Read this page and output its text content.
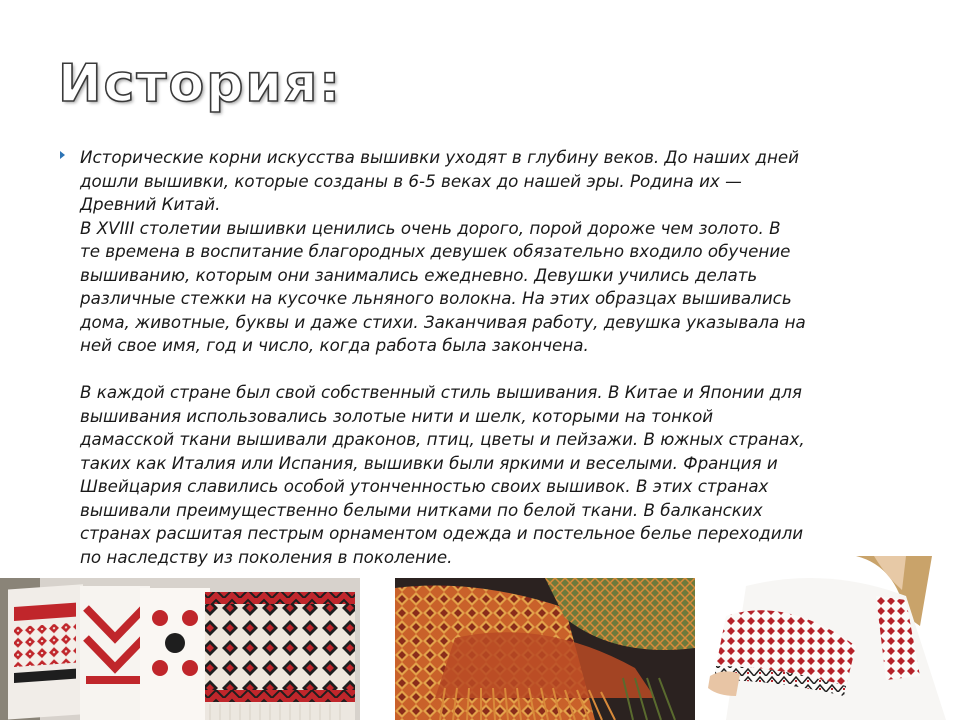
История:

Исторические корни искусства вышивки уходят в глубину веков. До наших дней

дошли вышивки, которые созданы в 6-5 веках до нашей эры. Родина их —

Древний Китай.

В XVIII столетии вышивки ценились очень дорого, порой дороже чем золото. В

те времена в воспитание благородных девушек обязательно входило обучение

вышиванию, которым они занимались ежедневно. Девушки учились делать

различные стежки на кусочке льняного волокна. На этих образцах вышивались

дома, животные, буквы и даже стихи. Заканчивая работу, девушка указывала на

ней свое имя, год и число, когда работа была закончена.

В каждой стране был свой собственный стиль вышивания. В Китае и Японии для

вышивания использовались золотые нити и шелк, которыми на тонкой

дамасской ткани вышивали драконов, птиц, цветы и пейзажи. В южных странах,

таких как Италия или Испания, вышивки были яркими и веселыми. Франция и

Швейцария славились особой утонченностью своих вышивок. В этих странах

вышивали преимущественно белыми нитками по белой ткани. В балканских

странах расшитая пестрым орнаментом одежда и постельное белье переходили

по наследству из поколения в поколение.
